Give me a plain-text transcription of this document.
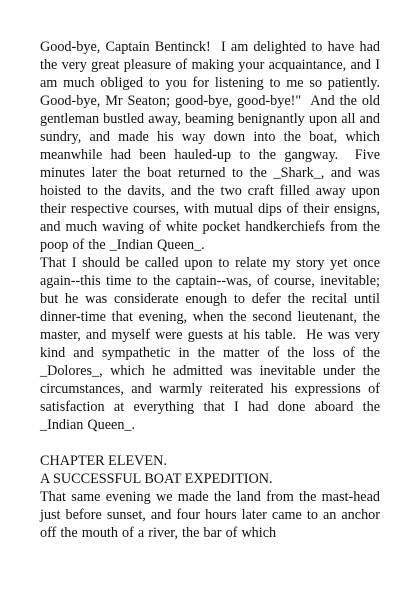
Good-bye, Captain Bentinck!  I am delighted to have had the very great pleasure of making your acquaintance, and I am much obliged to you for listening to me so patiently.  Good-bye, Mr Seaton; good-bye, good-bye!"  And the old gentleman bustled away, beaming benignantly upon all and sundry, and made his way down into the boat, which meanwhile had been hauled-up to the gangway.  Five minutes later the boat returned to the _Shark_, and was hoisted to the davits, and the two craft filled away upon their respective courses, with mutual dips of their ensigns, and much waving of white pocket handkerchiefs from the poop of the _Indian Queen_.

That I should be called upon to relate my story yet once again--this time to the captain--was, of course, inevitable; but he was considerate enough to defer the recital until dinner-time that evening, when the second lieutenant, the master, and myself were guests at his table.  He was very kind and sympathetic in the matter of the loss of the _Dolores_, which he admitted was inevitable under the circumstances, and warmly reiterated his expressions of satisfaction at everything that I had done aboard the _Indian Queen_.

CHAPTER ELEVEN.

A SUCCESSFUL BOAT EXPEDITION.

That same evening we made the land from the mast-head just before sunset, and four hours later came to an anchor off the mouth of a river, the bar of which
